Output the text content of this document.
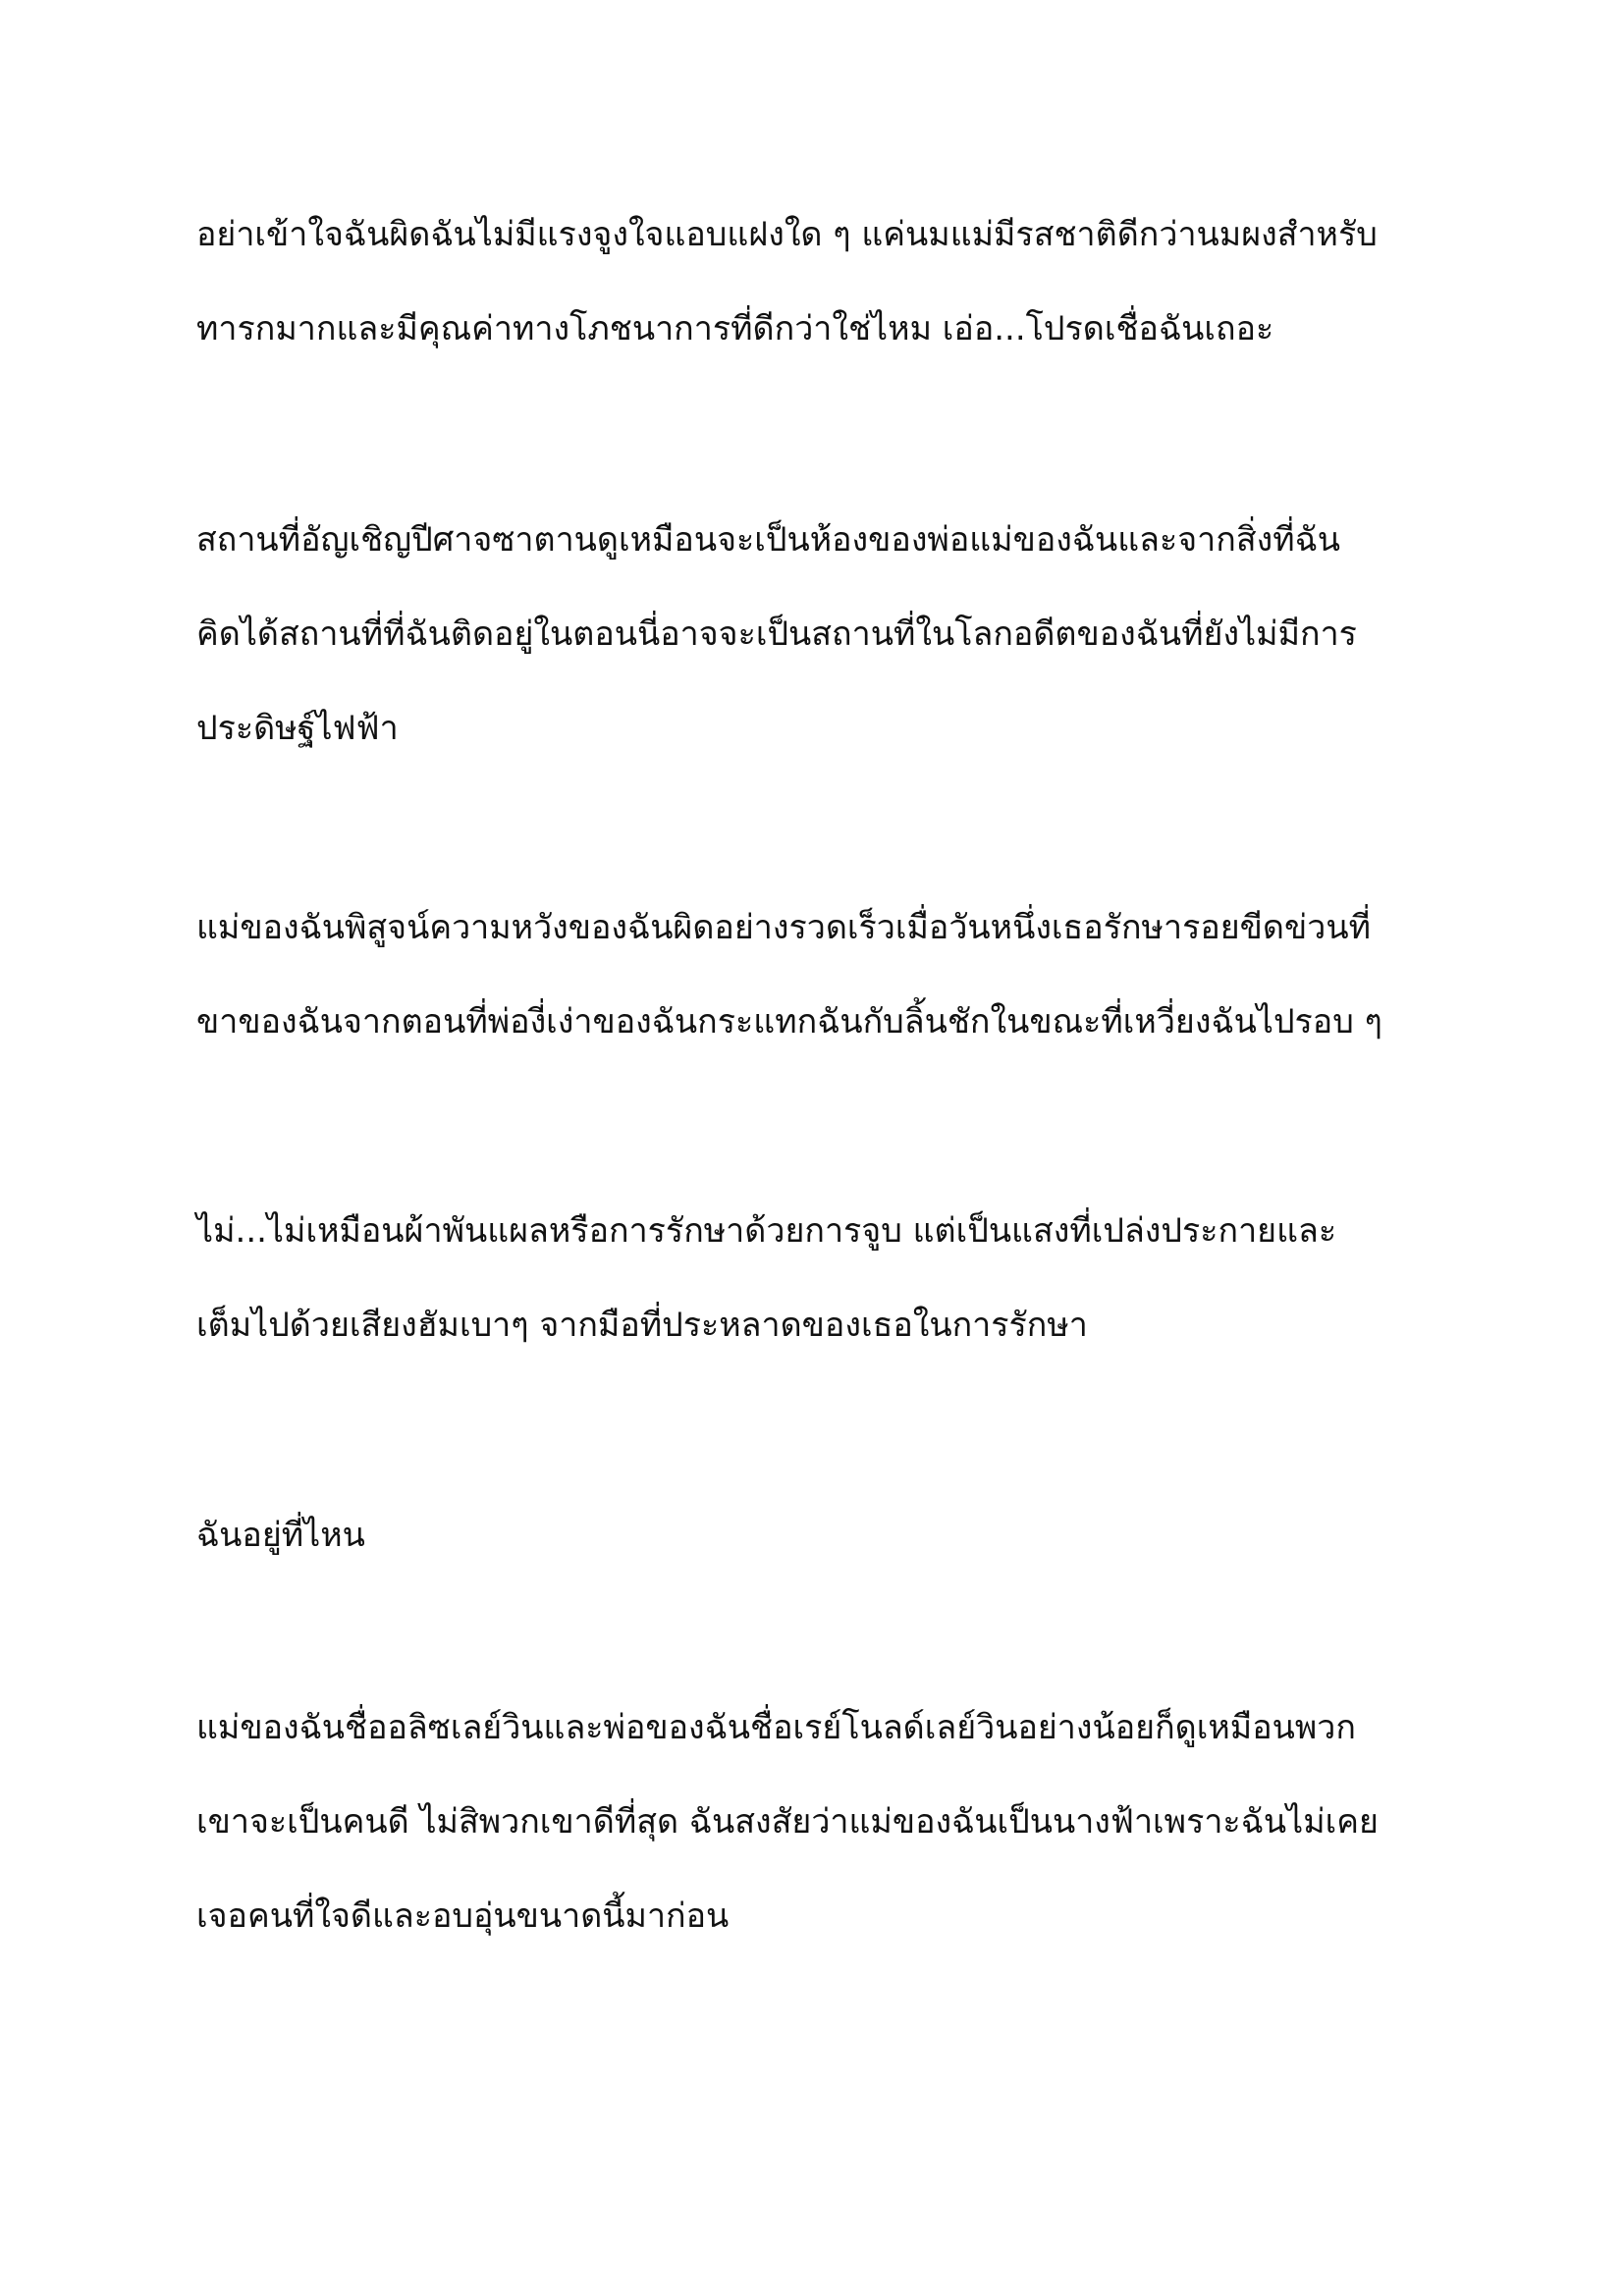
อย่าเข้าใจฉันผิดฉันไม่มีแรงจูงใจแอบแฝงใด ๆ แค่นมแม่มีรสชาติดีกว่านมผงสำหรับ
ทารกมากและมีคุณค่าทางโภชนาการที่ดีกว่าใช่ไหม เอ่อ...โปรดเชื่อฉันเถอะ
สถานที่อัญเชิญปีศาจซาตานดูเหมือนจะเป็นห้องของพ่อแม่ของฉันและจากสิ่งที่ฉัน
คิดได้สถานที่ที่ฉันติดอยู่ในตอนนี่อาจจะเป็นสถานที่ในโลกอดีตของฉันที่ยังไม่มีการ
ประดิษฐ์ไฟฟ้า
แม่ของฉันพิสูจน์ความหวังของฉันผิดอย่างรวดเร็วเมื่อวันหนึ่งเธอรักษารอยขีดข่วนที่
ขาของฉันจากตอนที่พ่องี่เง่าของฉันกระแทกฉันกับลิ้นชักในขณะที่เหวี่ยงฉันไปรอบ ๆ
ไม่...ไม่เหมือนผ้าพันแผลหรือการรักษาด้วยการจูบ แต่เป็นแสงที่เปล่งประกายและ
เต็มไปด้วยเสียงฮัมเบาๆ จากมือที่ประหลาดของเธอในการรักษา
ฉันอยู่ที่ไหน
แม่ของฉันชื่ออลิซเลย์วินและพ่อของฉันชื่อเรย์โนลด์เลย์วินอย่างน้อยก็ดูเหมือนพวก
เขาจะเป็นคนดี ไม่สิพวกเขาดีที่สุด ฉันสงสัยว่าแม่ของฉันเป็นนางฟ้าเพราะฉันไม่เคย
เจอคนที่ใจดีและอบอุ่นขนาดนี้มาก่อน
